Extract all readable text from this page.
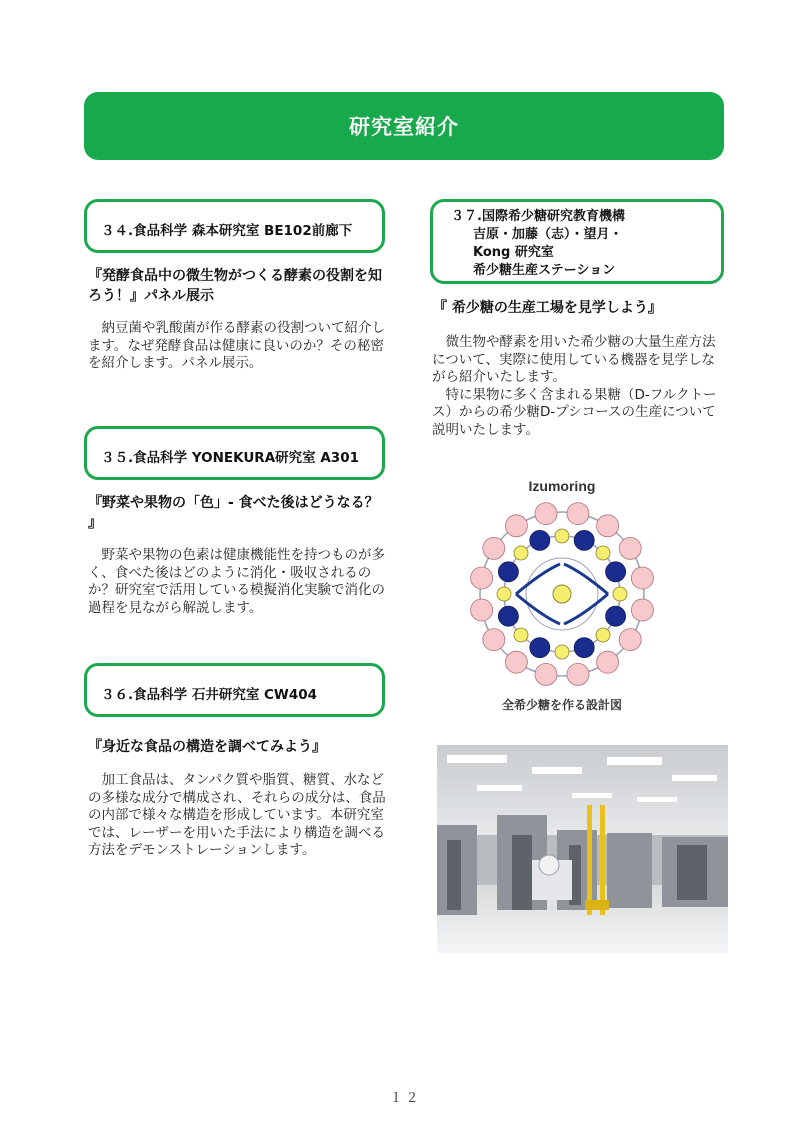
研究室紹介
３４.食品科学 森本研究室 BE102前廊下
『発酵食品中の微生物がつくる酵素の役割を知ろう！』パネル展示

納豆菌や乳酸菌が作る酵素の役割ついて紹介します。なぜ発酵食品は健康に良いのか？その秘密を紹介します。パネル展示。

３５.食品科学 YONEKURA研究室 A301
『野菜や果物の「色」- 食べた後はどうなる？ 』

野菜や果物の色素は健康機能性を持つものが多く、食べた後はどのように消化・吸収されるのか？研究室で活用している模擬消化実験で消化の過程を見ながら解説します。

３６.食品科学 石井研究室 CW404
『身近な食品の構造を調べてみよう』

加工食品は、タンパク質や脂質、糖質、水などの多様な成分で構成され、それらの成分は、食品の内部で様々な構造を形成しています。本研究室では、レーザーを用いた手法により構造を調べる方法をデモンストレーションします。

３７.国際希少糖研究教育機構
吉原・加藤（志）・望月・
Kong 研究室
希少糖生産ステーション
『 希少糖の生産工場を見学しよう』

微生物や酵素を用いた希少糖の大量生産方法について、実際に使用している機器を見学しながら紹介いたします。

特に果物に多く含まれる果糖（D-フルクトース）からの希少糖D-プシコースの生産について説明いたします。

Izumoring
全希少糖を作る設計図
１２
